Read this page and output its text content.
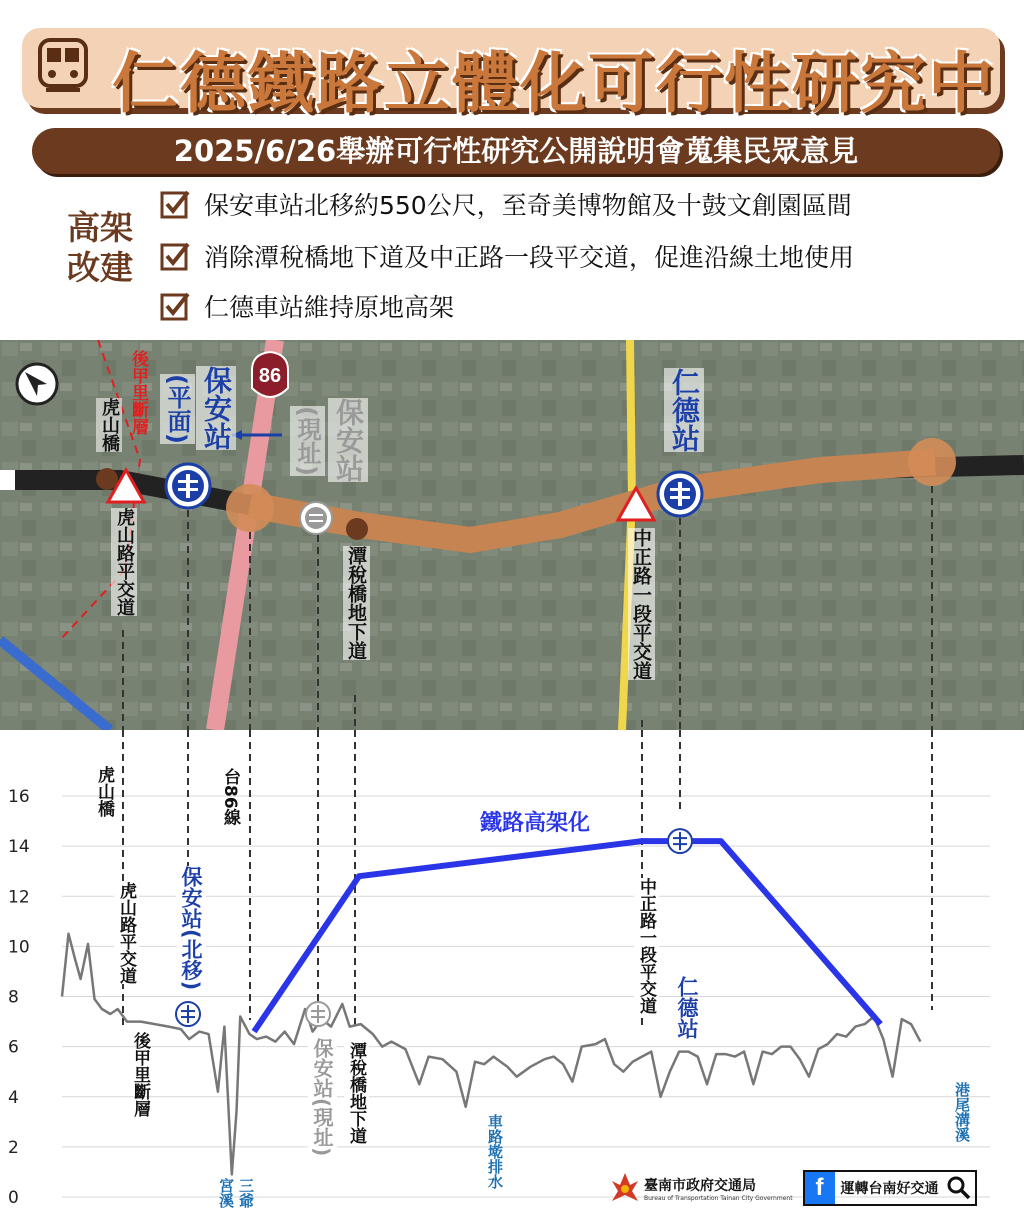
仁德鐵路立體化可行性研究中
2025/6/26舉辦可行性研究公開說明會蒐集民眾意見
高架改建
保安車站北移約550公尺，至奇美博物館及十鼓文創園區間
消除潭稅橋地下道及中正路一段平交道，促進沿線土地使用
仁德車站維持原地高架
86
後甲里斷層
虎山橋
虎山路平交道
保安站
(平面)	保安站
(現址)
潭稅橋地下道
仁德站
中正路一段平交道
0
2
4
6
8
10
12
14
16	虎山橋
虎山路平交道
後甲里斷層
保安站(北移)
台86線
宮溪 三爺
保安站(現址) 潭稅橋地下道
車路墘排水
中正路一段平交道 仁德站
港尾溝溪
鐵路高架化
臺南市政府交通局
Bureau of Transportation Tainan City Government f	運轉台南好交通
